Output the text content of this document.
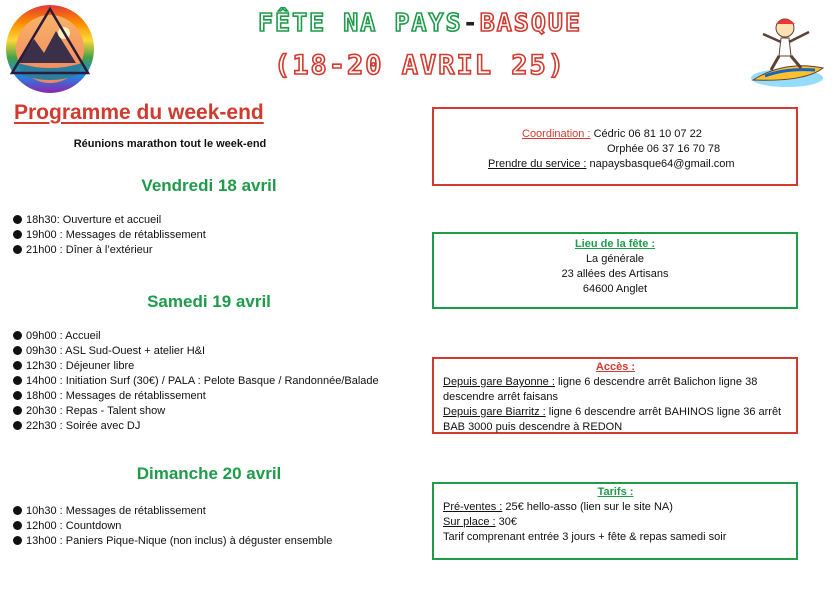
FÊTE NA PAYS-BASQUE
(18-20 AVRIL 25)
Programme du week-end
Réunions marathon tout le week-end
Vendredi 18 avril
18h30: Ouverture et accueil
19h00 : Messages de rétablissement
21h00 : Dîner à l’extérieur
Samedi 19 avril
09h00 : Accueil
09h30 : ASL Sud-Ouest + atelier H&I
12h30 : Déjeuner libre
14h00 : Initiation Surf (30€) / PALA : Pelote Basque / Randonnée/Balade
18h00 : Messages de rétablissement
20h30 : Repas - Talent show
22h30 : Soirée avec DJ
Dimanche 20 avril
10h30 : Messages de rétablissement
12h00 : Countdown
13h00 : Paniers Pique-Nique (non inclus) à déguster ensemble
Coordination : Cédric 06 81 10 07 22
Orphée 06 37 16 70 78
Prendre du service : napaysbasque64@gmail.com
Lieu de la fête :
La générale
23 allées des Artisans
64600 Anglet
Accès :
Depuis gare Bayonne : ligne 6 descendre arrêt Balichon ligne 38 descendre arrêt faisans
Depuis gare Biarritz : ligne 6 descendre arrêt BAHINOS ligne 36 arrêt BAB 3000 puis descendre à REDON
Tarifs :
Pré-ventes : 25€ hello-asso (lien sur le site NA)
Sur place : 30€
Tarif comprenant entrée 3 jours + fête & repas samedi soir
